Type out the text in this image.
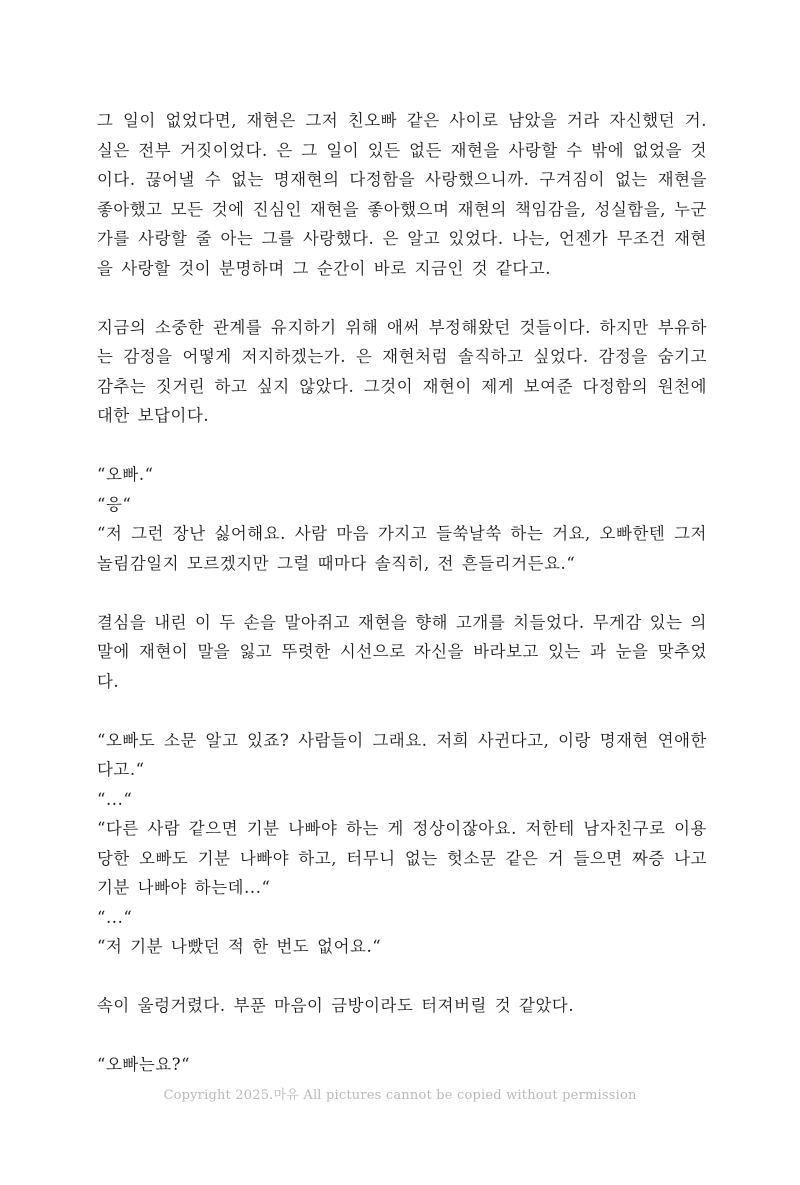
그 일이 없었다면, 재현은 그저 친오빠 같은 사이로 남았을 거라 자신했던 거. 실은 전부 거짓이었다. 은 그 일이 있든 없든 재현을 사랑할 수 밖에 없었을 것이다. 끊어낼 수 없는 명재현의 다정함을 사랑했으니까. 구겨짐이 없는 재현을 좋아했고 모든 것에 진심인 재현을 좋아했으며 재현의 책임감을, 성실함을, 누군가를 사랑할 줄 아는 그를 사랑했다. 은 알고 있었다. 나는, 언젠가 무조건 재현을 사랑할 것이 분명하며 그 순간이 바로 지금인 것 같다고.

지금의 소중한 관계를 유지하기 위해 애써 부정해왔던 것들이다. 하지만 부유하는 감정을 어떻게 저지하겠는가. 은 재현처럼 솔직하고 싶었다. 감정을 숨기고 감추는 짓거린 하고 싶지 않았다. 그것이 재현이 제게 보여준 다정함의 원천에 대한 보답이다.

“오빠.“

“응“

“저 그런 장난 싫어해요. 사람 마음 가지고 들쑥날쑥 하는 거요, 오빠한텐 그저 놀림감일지 모르겠지만 그럴 때마다 솔직히, 전 흔들리거든요.“

결심을 내린 이 두 손을 말아쥐고 재현을 향해 고개를 치들었다. 무게감 있는 의 말에 재현이 말을 잃고 뚜렷한 시선으로 자신을 바라보고 있는 과 눈을 맞추었다.

“오빠도 소문 알고 있죠? 사람들이 그래요. 저희 사귄다고, 이랑 명재현 연애한다고.“

“...“

“다른 사람 같으면 기분 나빠야 하는 게 정상이잖아요. 저한테 남자친구로 이용당한 오빠도 기분 나빠야 하고, 터무니 없는 헛소문 같은 거 들으면 짜증 나고 기분 나빠야 하는데...“

“...“

“저 기분 나빴던 적 한 번도 없어요.“

속이 울렁거렸다. 부푼 마음이 금방이라도 터져버릴 것 같았다.

“오빠는요?“

Copyright 2025.마유 All pictures cannot be copied without permission
